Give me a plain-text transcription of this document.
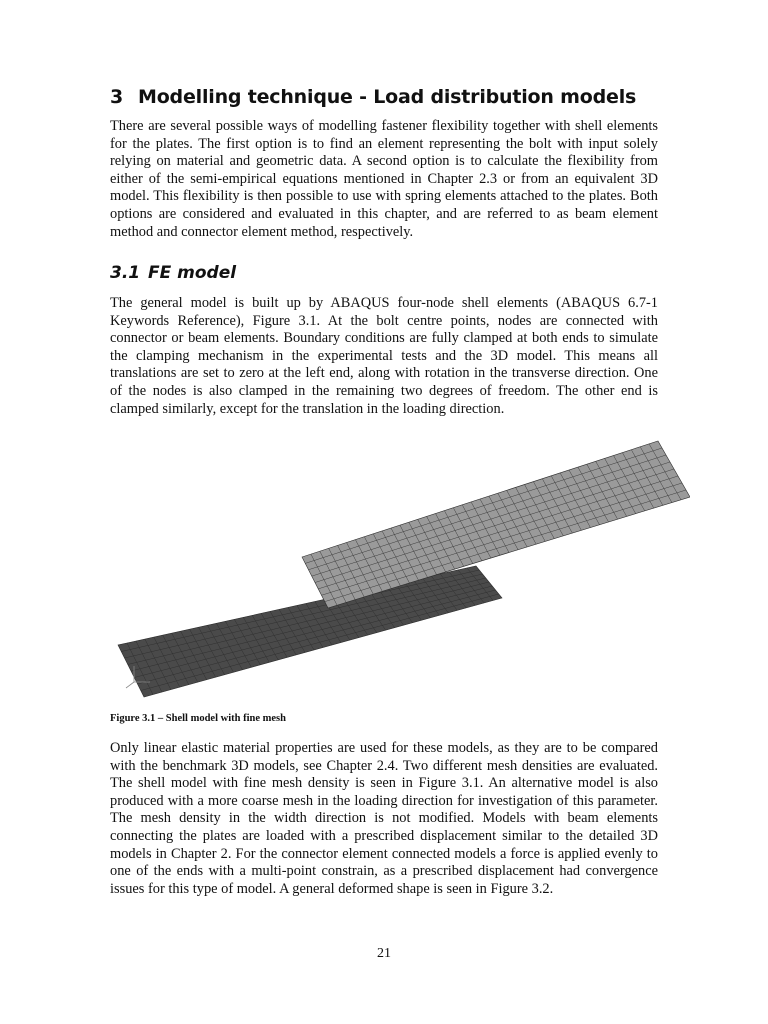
3 Modelling technique - Load distribution models

There are several possible ways of modelling fastener flexibility together with shell elements for the plates. The first option is to find an element representing the bolt with input solely relying on material and geometric data. A second option is to calculate the flexibility from either of the semi-empirical equations mentioned in Chapter 2.3 or from an equivalent 3D model. This flexibility is then possible to use with spring elements attached to the plates. Both options are considered and evaluated in this chapter, and are referred to as beam element method and connector element method, respectively.

3.1 FE model

The general model is built up by ABAQUS four-node shell elements (ABAQUS 6.7-1 Keywords Reference), Figure 3.1. At the bolt centre points, nodes are connected with connector or beam elements. Boundary conditions are fully clamped at both ends to simulate the clamping mechanism in the experimental tests and the 3D model. This means all translations are set to zero at the left end, along with rotation in the transverse direction. One of the nodes is also clamped in the remaining two degrees of freedom. The other end is clamped similarly, except for the translation in the loading direction.

Figure 3.1 – Shell model with fine mesh

Only linear elastic material properties are used for these models, as they are to be compared with the benchmark 3D models, see Chapter 2.4. Two different mesh densities are evaluated. The shell model with fine mesh density is seen in Figure 3.1. An alternative model is also produced with a more coarse mesh in the loading direction for investigation of this parameter. The mesh density in the width direction is not modified. Models with beam elements connecting the plates are loaded with a prescribed displacement similar to the detailed 3D models in Chapter 2. For the connector element connected models a force is applied evenly to one of the ends with a multi-point constrain, as a prescribed displacement had convergence issues for this type of model. A general deformed shape is seen in Figure 3.2.

21
